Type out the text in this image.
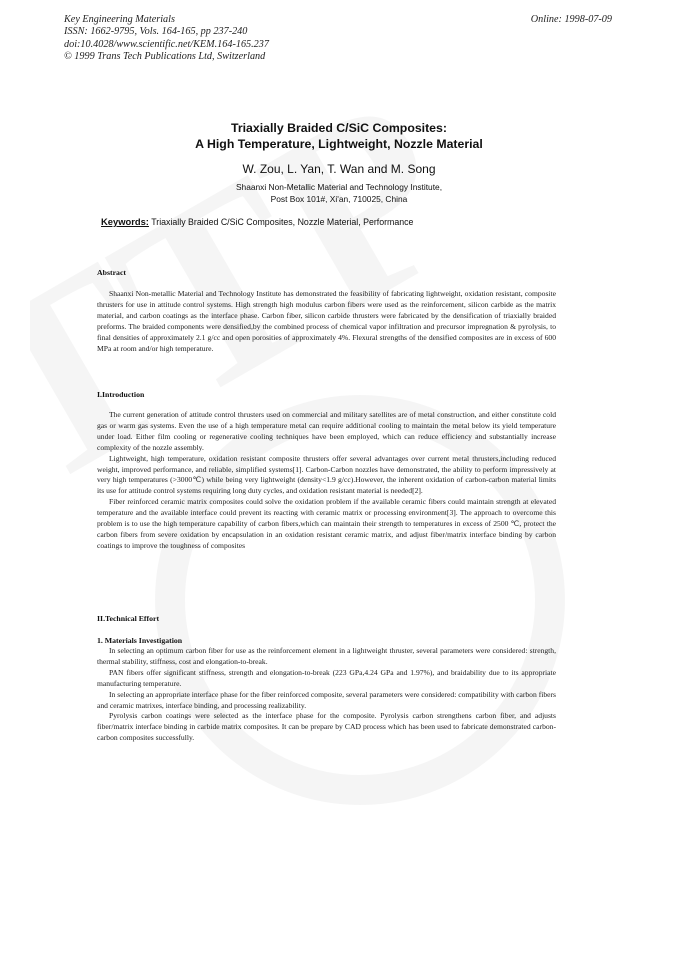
Key Engineering Materials
ISSN: 1662-9795, Vols. 164-165, pp 237-240
doi:10.4028/www.scientific.net/KEM.164-165.237
© 1999 Trans Tech Publications Ltd, Switzerland
Online: 1998-07-09
Triaxially Braided C/SiC Composites:
A High Temperature, Lightweight, Nozzle Material
W. Zou, L. Yan, T. Wan and M. Song
Shaanxi Non-Metallic Material and Technology Institute,
Post Box 101#, Xi'an, 710025, China
Keywords: Triaxially Braided C/SiC Composites, Nozzle Material, Performance
Abstract

Shaanxi Non-metallic Material and Technology Institute has demonstrated the feasibility of fabricating lightweight, oxidation resistant, composite thrusters for use in attitude control systems. High strength high modulus carbon fibers were used as the reinforcement, silicon carbide as the matrix material, and carbon coatings as the interface phase. Carbon fiber, silicon carbide thrusters were fabricated by the densification of triaxially braided preforms. The braided components were densified,by the combined process of chemical vapor infiltration and precursor impregnation & pyrolysis, to final densities of approximately 2.1 g/cc and open porosities of approximately 4%. Flexural strengths of the densified composites are in excess of 600 MPa at room and/or high temperature.

I.Introduction

The current generation of attitude control thrusters used on commercial and military satellites are of metal construction, and either constitute cold gas or warm gas systems. Even the use of a high temperature metal can require additional cooling to maintain the metal below its yield temperature under load. Either film cooling or regenerative cooling techniques have been employed, which can reduce efficiency and substantially increase complexity of the nozzle assembly.

Lightweight, high temperature, oxidation resistant composite thrusters offer several advantages over current metal thrusters,including reduced weight, improved performance, and reliable, simplified systems[1]. Carbon-Carbon nozzles have demonstrated, the ability to perform impressively at very high temperatures (>3000℃) while being very lightweight (density<1.9 g/cc).However, the inherent oxidation of carbon-carbon material limits its use for attitude control systems requiring long duty cycles, and oxidation resistant material is needed[2].

Fiber reinforced ceramic matrix composites could solve the oxidation problem if the available ceramic fibers could maintain strength at elevated temperature and the available interface could prevent its reacting with ceramic matrix or processing environment[3]. The approach to overcome this problem is to use the high temperature capability of carbon fibers,which can maintain their strength to temperatures in excess of 2500 ℃, protect the carbon fibers from severe oxidation by encapsulation in an oxidation resistant ceramic matrix, and adjust fiber/matrix interface binding by carbon coatings to improve the toughness of composites

II.Technical Effort
1. Materials Investigation

In selecting an optimum carbon fiber for use as the reinforcement element in a lightweight thruster, several parameters were considered: strength, thermal stability, stiffness, cost and elongation-to-break.

PAN fibers offer significant stiffness, strength and elongation-to-break (223 GPa,4.24 GPa and 1.97%), and braidability due to its appropriate manufacturing temperature.

In selecting an appropriate interface phase for the fiber reinforced composite, several parameters were considered: compatibility with carbon fibers and ceramic matrixes, interface binding, and processing realizability.

Pyrolysis carbon coatings were selected as the interface phase for the composite. Pyrolysis carbon strengthens carbon fiber, and adjusts fiber/matrix interface binding in carbide matrix composites. It can be prepare by CAD process which has been used to fabricate demonstrated carbon-carbon composites successfully.
